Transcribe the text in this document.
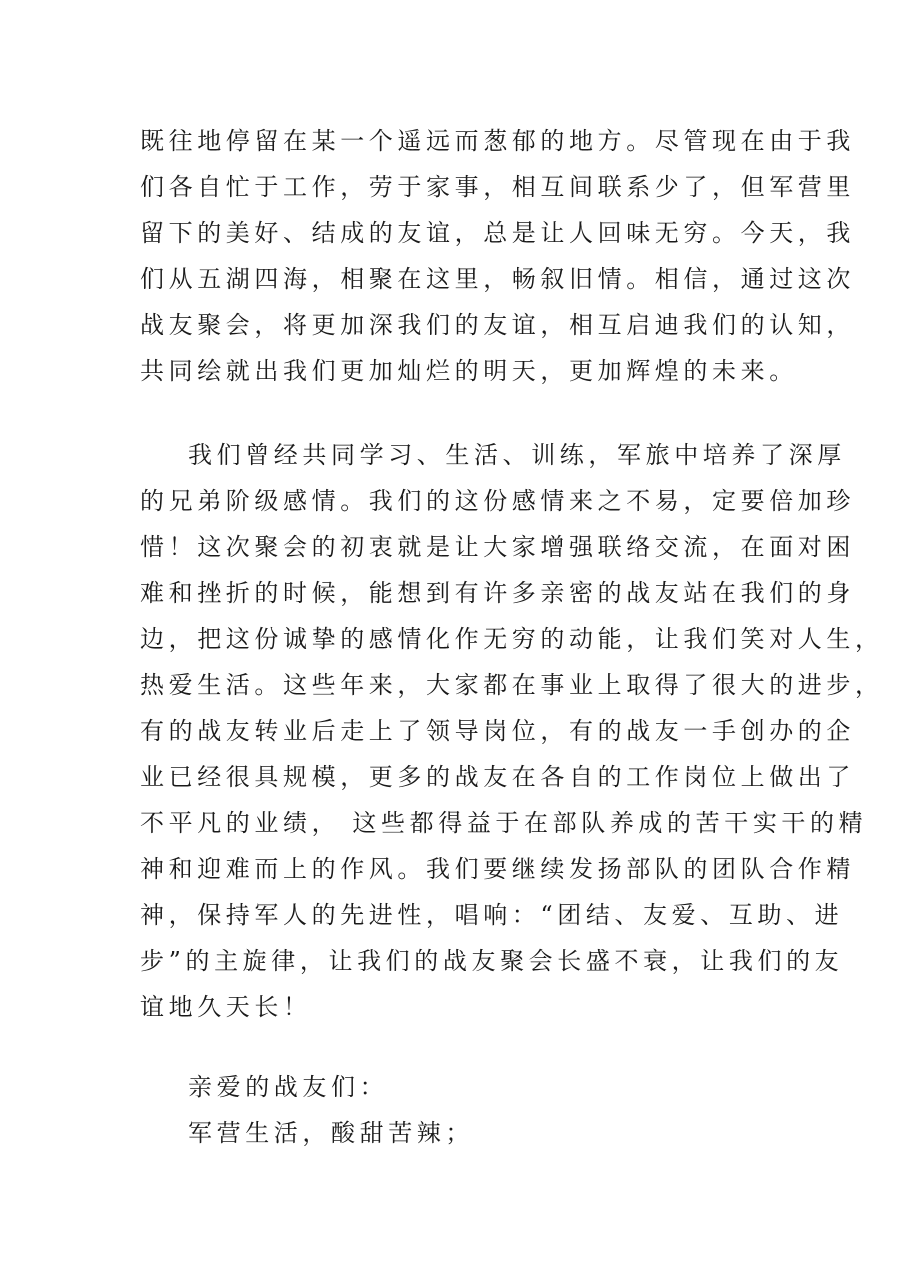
既往地停留在某一个遥远而葱郁的地方。尽管现在由于我
们各自忙于工作，劳于家事，相互间联系少了，但军营里
留下的美好、结成的友谊，总是让人回味无穷。今天，我
们从五湖四海，相聚在这里，畅叙旧情。相信，通过这次
战友聚会，将更加深我们的友谊，相互启迪我们的认知，
共同绘就出我们更加灿烂的明天，更加辉煌的未来。
我们曾经共同学习、生活、训练，军旅中培养了深厚
的兄弟阶级感情。我们的这份感情来之不易，定要倍加珍
惜！这次聚会的初衷就是让大家增强联络交流，在面对困
难和挫折的时候，能想到有许多亲密的战友站在我们的身
边，把这份诚挚的感情化作无穷的动能，让我们笑对人生，
热爱生活。这些年来，大家都在事业上取得了很大的进步，
有的战友转业后走上了领导岗位，有的战友一手创办的企
业已经很具规模，更多的战友在各自的工作岗位上做出了
不平凡的业绩， 这些都得益于在部队养成的苦干实干的精
神和迎难而上的作风。我们要继续发扬部队的团队合作精
神，保持军人的先进性，唱响：“团结、友爱、互助、进
步”的主旋律，让我们的战友聚会长盛不衰，让我们的友
谊地久天长！
亲爱的战友们：
军营生活，酸甜苦辣；
